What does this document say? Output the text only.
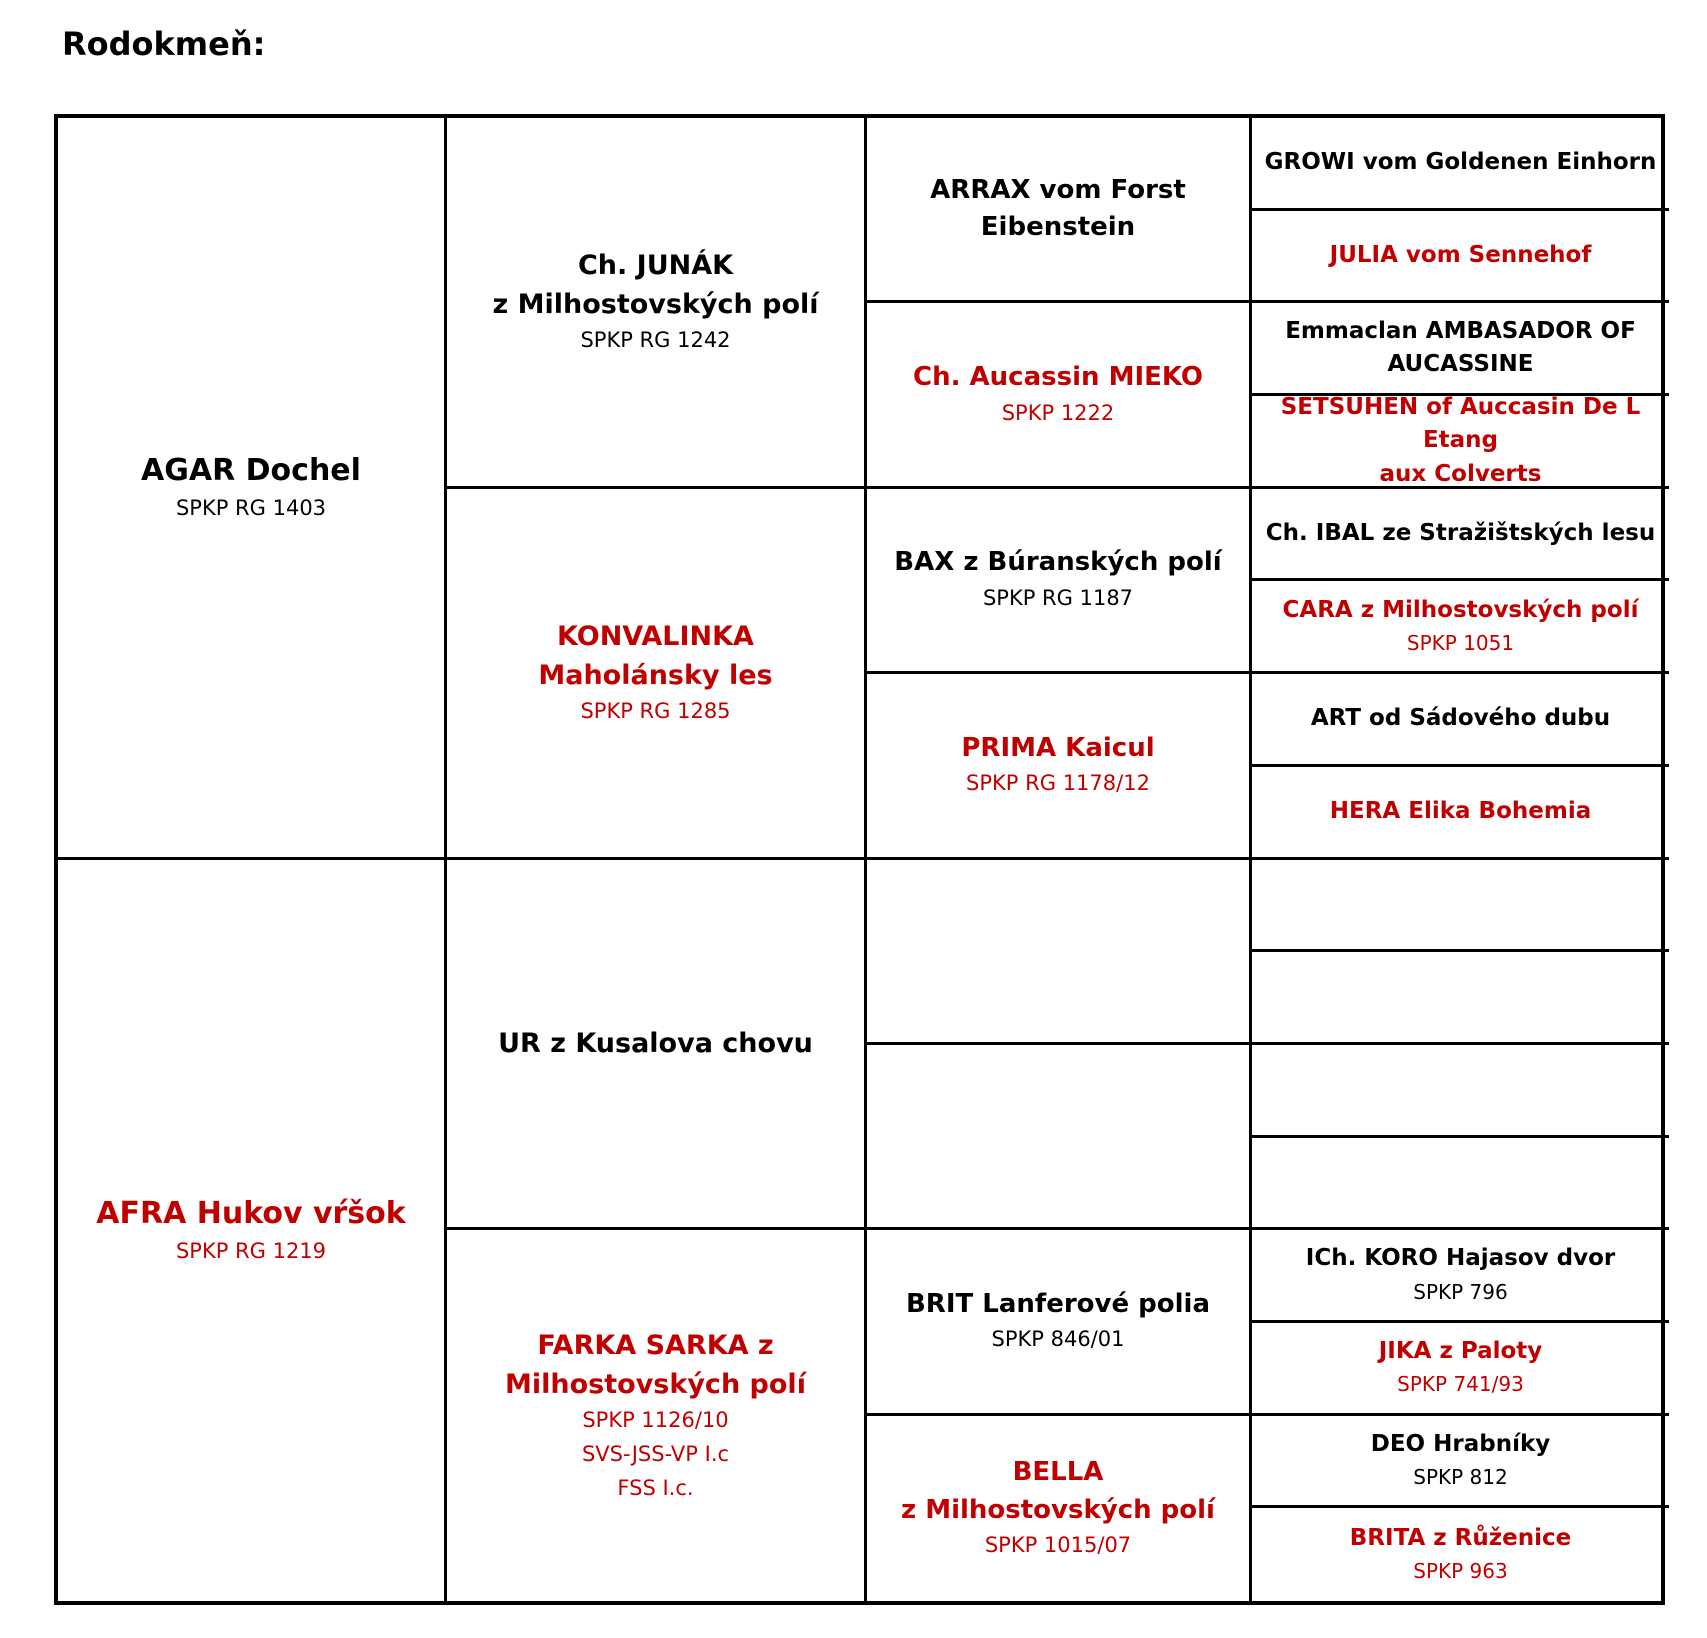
Rodokmeň:
AGAR Dochel
SPKP RG 1403
Ch. JUNÁK
z Milhostovských polí
SPKP RG 1242
ARRAX vom Forst
Eibenstein
GROWI vom Goldenen Einhorn
JULIA vom Sennehof
Ch. Aucassin MIEKO
SPKP 1222
Emmaclan AMBASADOR OF
AUCASSINE
SETSUHEN of Auccasin De L Etang
aux Colverts
KONVALINKA
Maholánsky les
SPKP RG 1285
BAX z Búranských polí
SPKP RG 1187
Ch. IBAL ze Stražištských lesu
CARA z Milhostovských polí
SPKP 1051
PRIMA Kaicul
SPKP RG 1178/12
ART od Sádového dubu
HERA Elika Bohemia
AFRA Hukov vŕšok
SPKP RG 1219
UR z Kusalova chovu
FARKA SARKA z
Milhostovských polí
SPKP 1126/10
SVS-JSS-VP I.c
FSS I.c.
BRIT Lanferové polia
SPKP 846/01
ICh. KORO Hajasov dvor
SPKP 796
JIKA z Paloty
SPKP 741/93
BELLA
z Milhostovských polí
SPKP 1015/07
DEO Hrabníky
SPKP 812
BRITA z Růženice
SPKP 963
